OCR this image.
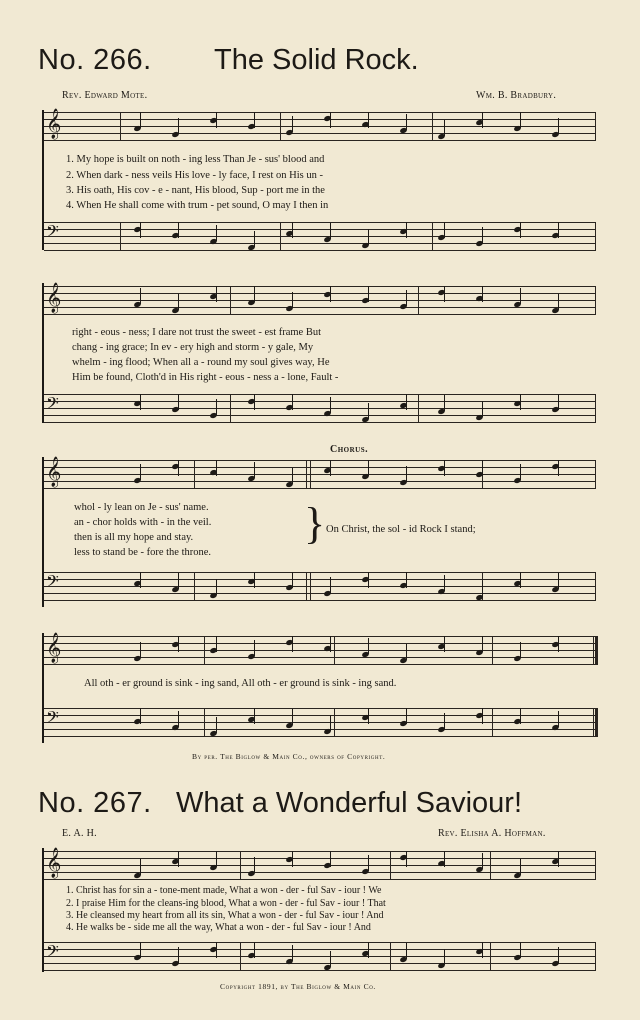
No. 266. The Solid Rock.
Rev. Edward Mote.	Wm. B. Bradbury.
𝄞
1. My hope is built on noth - ing less Than Je - sus' blood and
2. When dark - ness veils His love - ly face, I rest on His un -
3. His oath, His cov - e - nant, His blood, Sup - port me in the
4. When He shall come with trum - pet sound, O may I then in
𝄢
𝄞
right - eous - ness; I dare not trust the sweet - est frame But
chang - ing grace; In ev - ery high and storm - y gale, My
whelm - ing flood; When all a - round my soul gives way, He
Him be found, Cloth'd in His right - eous - ness a - lone, Fault -
𝄢
Chorus.
𝄞
whol - ly lean on Je - sus' name.
an - chor holds with - in the veil.
then is all my hope and stay.
less to stand be - fore the throne.
} On Christ, the sol - id Rock I stand;
𝄢
𝄞
All oth - er ground is sink - ing sand, All oth - er ground is sink - ing sand.
𝄢
By per. The Biglow & Main Co., owners of Copyright.
No. 267. What a Wonderful Saviour!
E. A. H.	Rev. Elisha A. Hoffman.
𝄞
1. Christ has for sin a - tone-ment made, What a won - der - ful Sav - iour ! We
2. I praise Him for the cleans-ing blood, What a won - der - ful Sav - iour ! That
3. He cleansed my heart from all its sin, What a won - der - ful Sav - iour ! And
4. He walks be - side me all the way, What a won - der - ful Sav - iour ! And
𝄢
Copyright 1891, by The Biglow & Main Co.
